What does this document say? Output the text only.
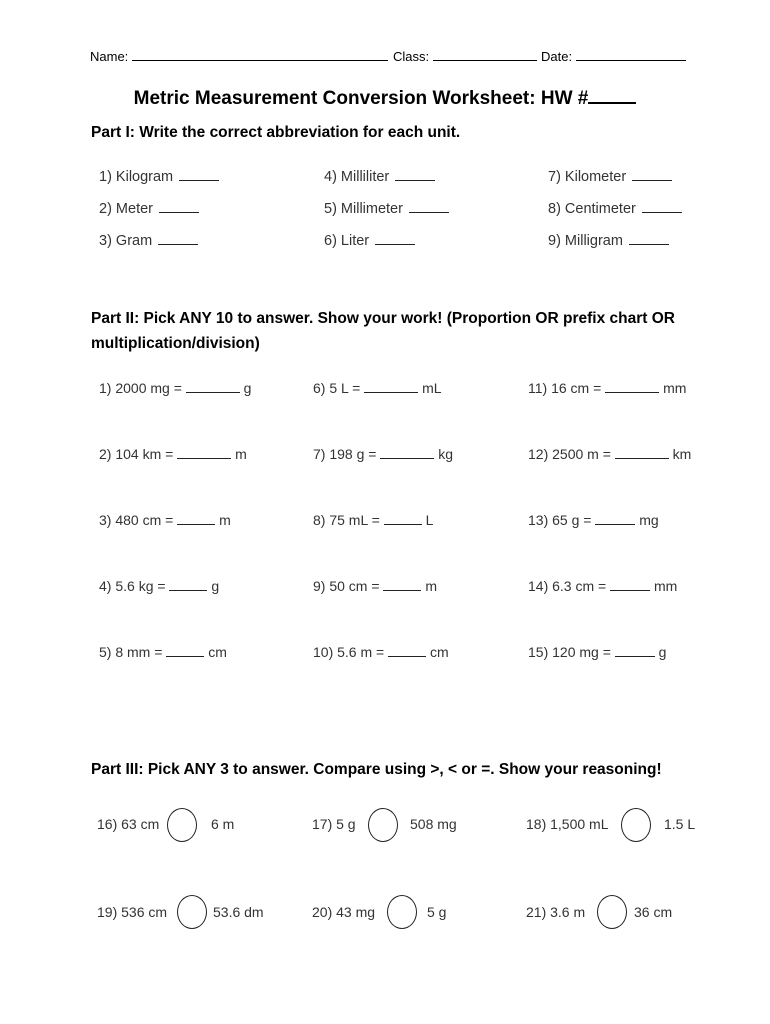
Name:	Class:	Date:
Metric Measurement Conversion Worksheet: HW #
Part I: Write the correct abbreviation for each unit.
1) Kilogram
2) Meter
3) Gram
4) Milliliter
5) Millimeter
6) Liter
7) Kilometer
8) Centimeter
9) Milligram
Part II: Pick ANY 10 to answer. Show your work! (Proportion OR prefix chart OR
multiplication/division)
1) 2000 mg =	g
2) 104 km =	m
3) 480 cm =	m
4) 5.6 kg =	g
5) 8 mm =	cm
6) 5 L =	mL
7) 198 g =	kg
8) 75 mL =	L
9) 50 cm =	m
10) 5.6 m =	cm
11) 16 cm =	mm
12) 2500 m =	km
13) 65 g =	mg
14) 6.3 cm =	mm
15) 120 mg =	g
Part III: Pick ANY 3 to answer. Compare using >, < or =. Show your reasoning!
16) 63 cm	6 m	17) 5 g	508 mg	18) 1,500 mL	1.5 L
19) 536 cm	53.6 dm	20) 43 mg	5 g	21) 3.6 m	36 cm
